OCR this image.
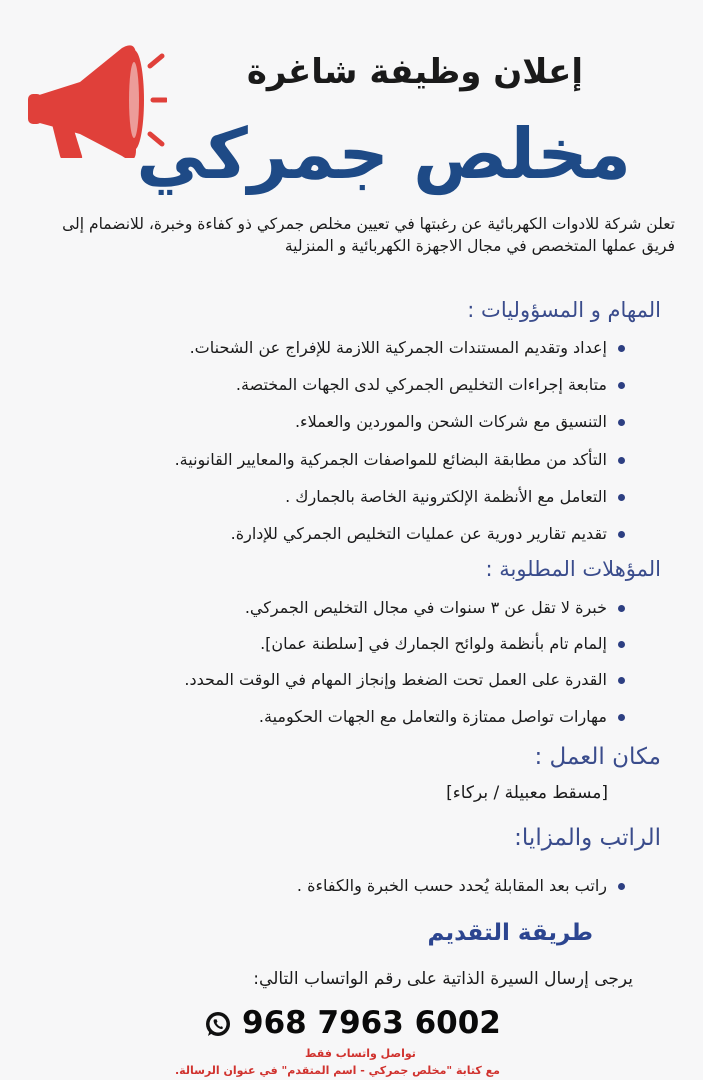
إعلان وظيفة شاغرة
مخلص جمركي
تعلن شركة للادوات الكهربائية عن رغبتها في تعيين مخلص جمركي ذو كفاءة وخبرة، للانضمام إلى فريق عملها المتخصص في مجال الاجهزة الكهربائية و المنزلية
المهام و المسؤوليات :
إعداد وتقديم المستندات الجمركية اللازمة للإفراج عن الشحنات.
متابعة إجراءات التخليص الجمركي لدى الجهات المختصة.
التنسيق مع شركات الشحن والموردين والعملاء.
التأكد من مطابقة البضائع للمواصفات الجمركية والمعايير القانونية.
التعامل مع الأنظمة الإلكترونية الخاصة بالجمارك .
تقديم تقارير دورية عن عمليات التخليص الجمركي للإدارة.
المؤهلات المطلوبة :
خبرة لا تقل عن ٣ سنوات في مجال التخليص الجمركي.
إلمام تام بأنظمة ولوائح الجمارك في [سلطنة عمان].
القدرة على العمل تحت الضغط وإنجاز المهام في الوقت المحدد.
مهارات تواصل ممتازة والتعامل مع الجهات الحكومية.
مكان العمل :
[مسقط معبيلة / بركاء]
الراتب والمزايا:
راتب بعد المقابلة يُحدد حسب الخبرة والكفاءة .
طريقة التقديم
يرجى إرسال السيرة الذاتية على رقم الواتساب التالي:
968 7963 6002
تواصل واتساب فقط
مع كتابة "مخلص جمركي - اسم المتقدم" في عنوان الرسالة.
